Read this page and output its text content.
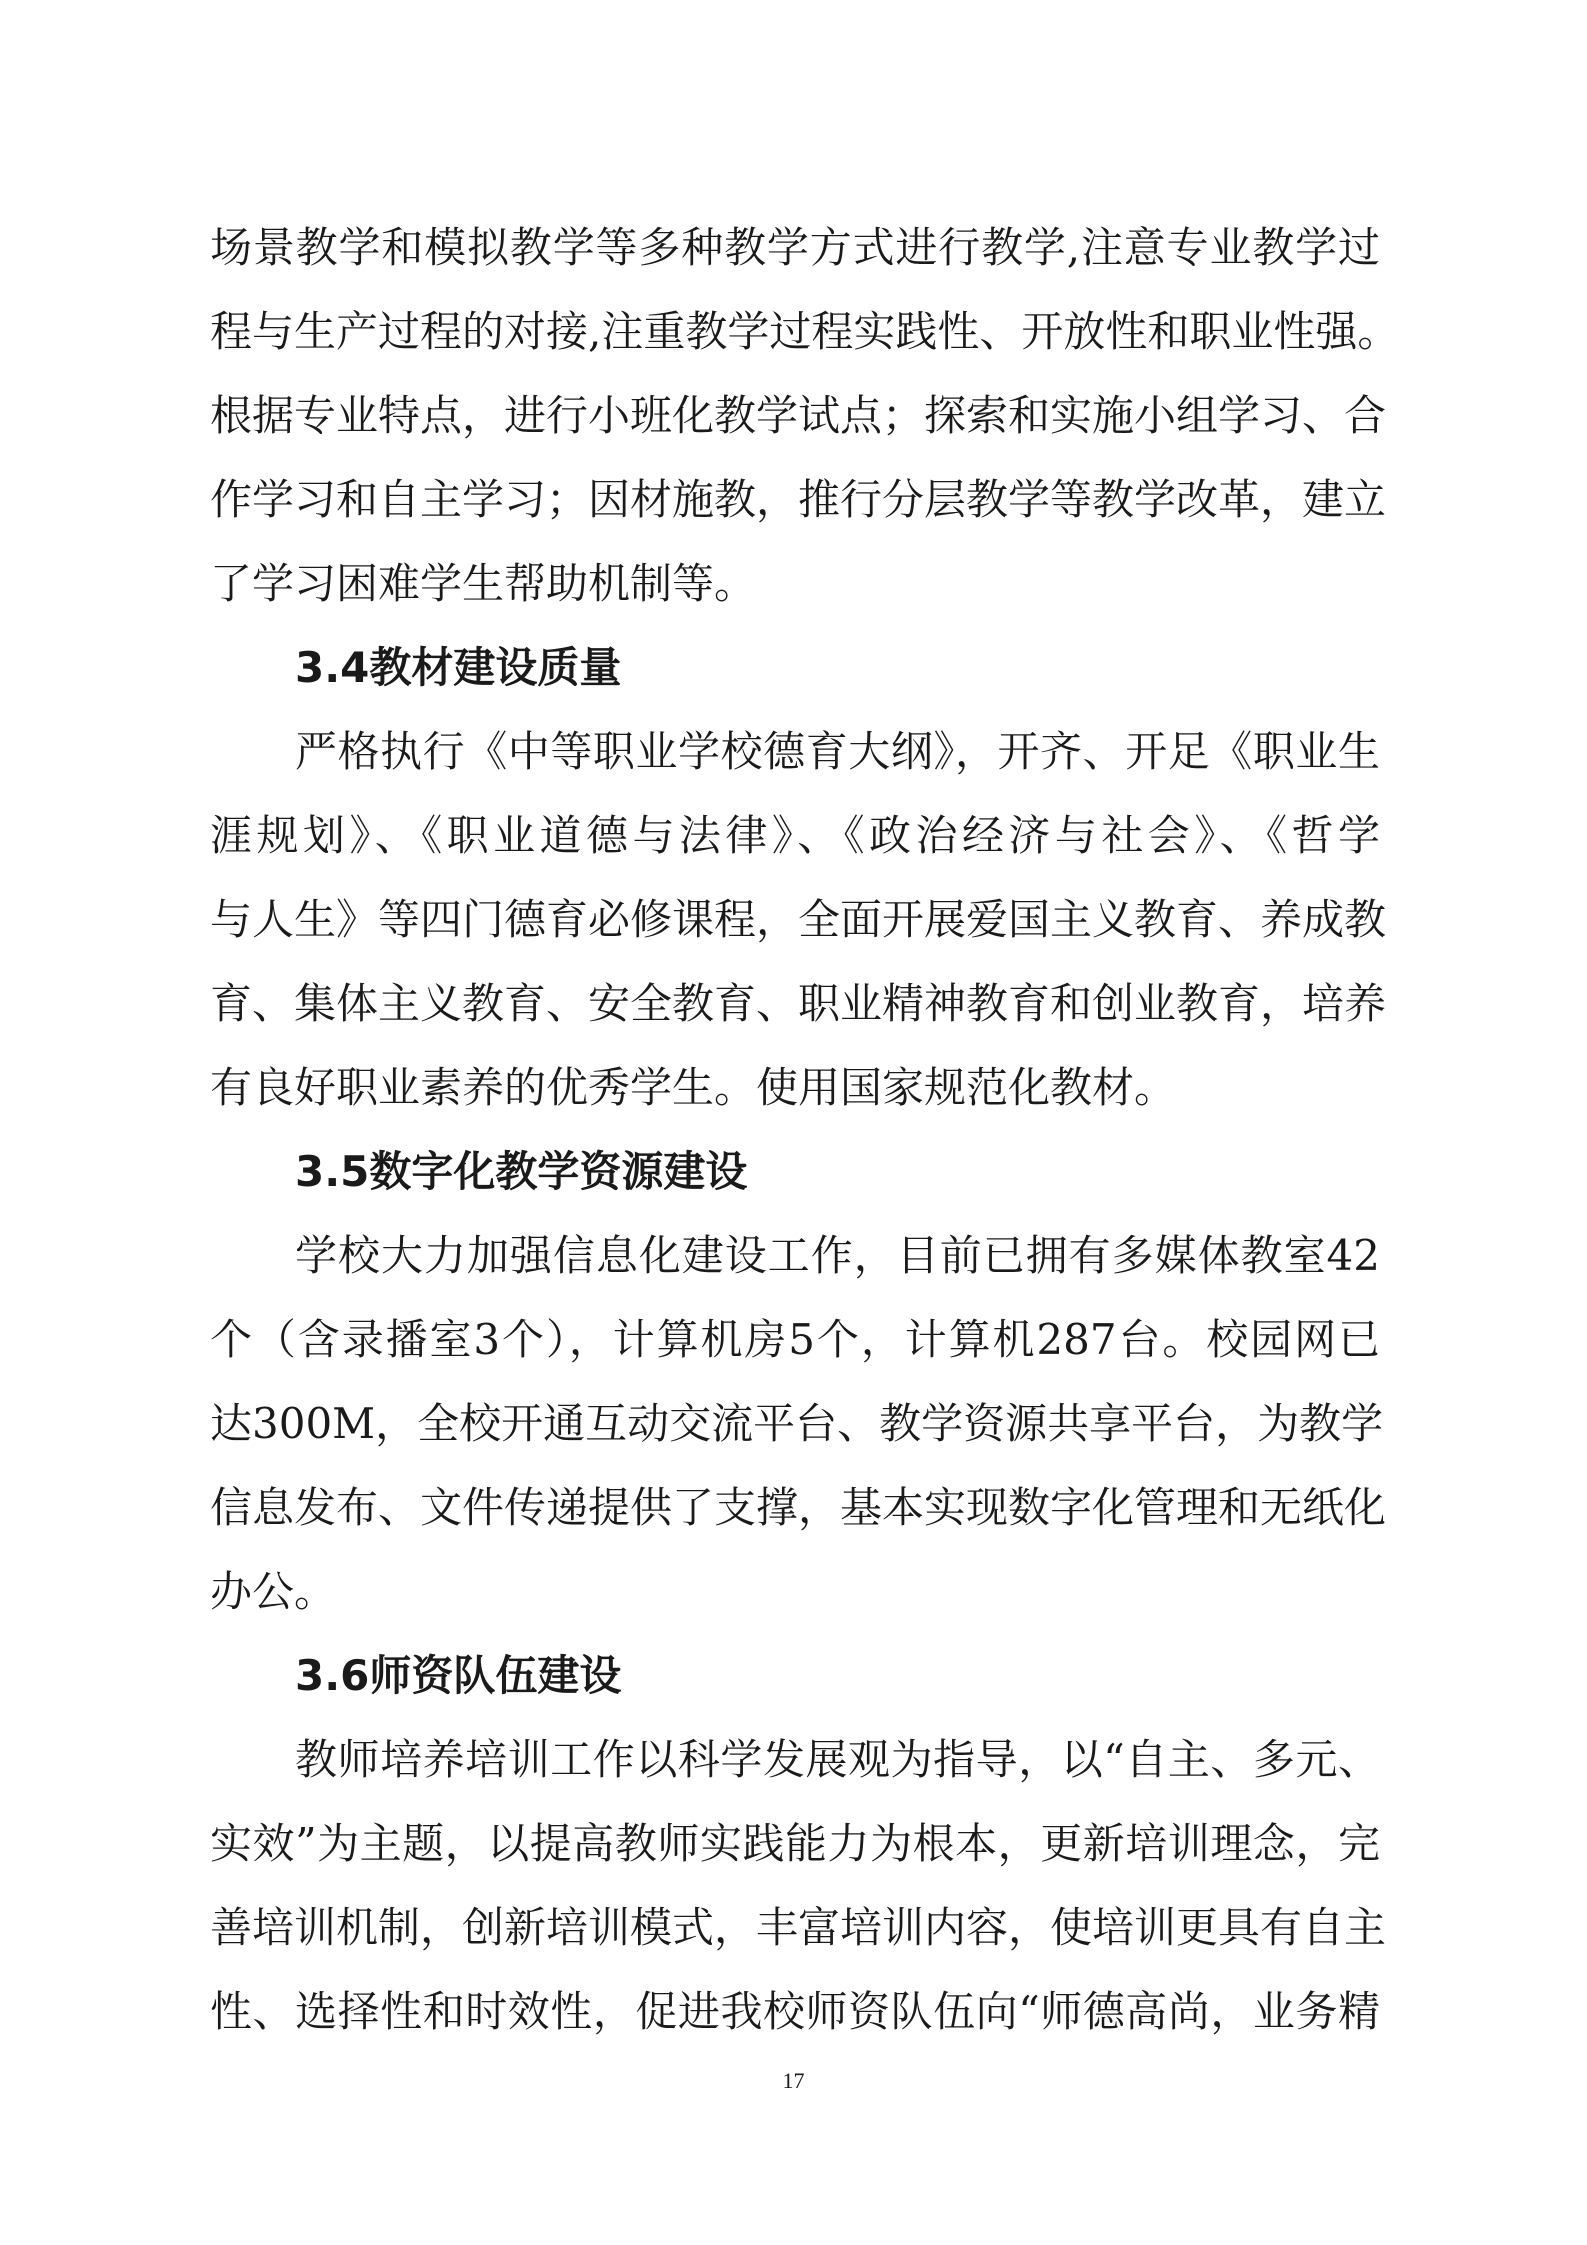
场景教学和模拟教学等多种教学方式进行教学,注意专业教学过
程与生产过程的对接,注重教学过程实践性、开放性和职业性强。
根据专业特点，进行小班化教学试点；探索和实施小组学习、合
作学习和自主学习；因材施教，推行分层教学等教学改革，建立
了学习困难学生帮助机制等。
3.4教材建设质量
严格执行《中等职业学校德育大纲》，开齐、开足《职业生
涯规划》、《职业道德与法律》、《政治经济与社会》、《哲学
与人生》等四门德育必修课程，全面开展爱国主义教育、养成教
育、集体主义教育、安全教育、职业精神教育和创业教育，培养
有良好职业素养的优秀学生。使用国家规范化教材。
3.5数字化教学资源建设
学校大力加强信息化建设工作，目前已拥有多媒体教室42
个（含录播室3个），计算机房5个，计算机287台。校园网已
达300M，全校开通互动交流平台、教学资源共享平台，为教学
信息发布、文件传递提供了支撑，基本实现数字化管理和无纸化
办公。
3.6师资队伍建设
教师培养培训工作以科学发展观为指导，以“自主、多元、
实效”为主题，以提高教师实践能力为根本，更新培训理念，完
善培训机制，创新培训模式，丰富培训内容，使培训更具有自主
性、选择性和时效性，促进我校师资队伍向“师德高尚，业务精
17
